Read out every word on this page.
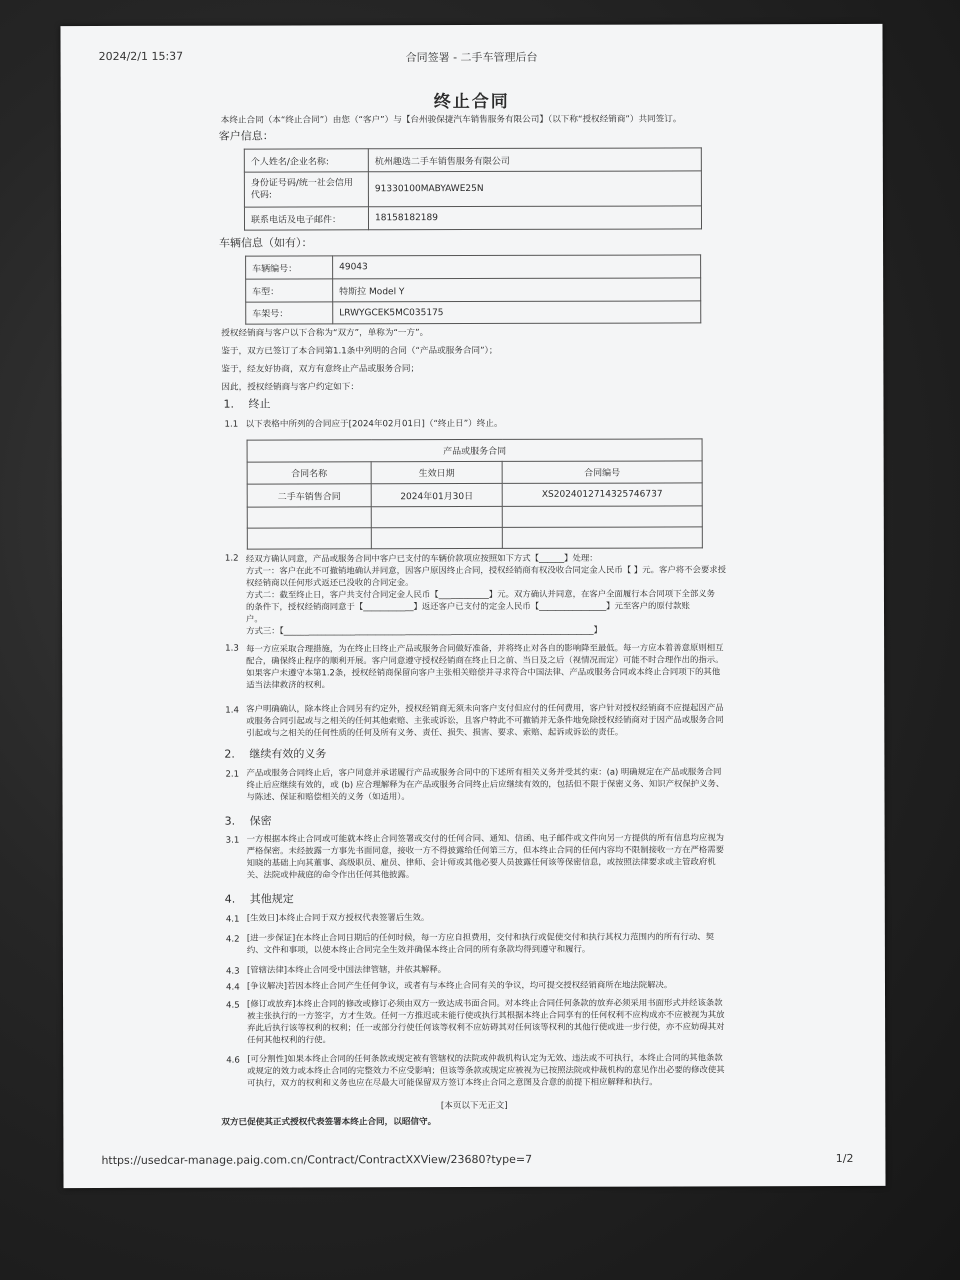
2024/2/1 15:37	合同签署 - 二手车管理后台
终止合同
本终止合同（本“终止合同”）由您（“客户”）与【台州骏保捷汽车销售服务有限公司】（以下称“授权经销商”）共同签订。
客户信息：
个人姓名/企业名称:	杭州趣选二手车销售服务有限公司
身份证号码/统一社会信用代码:	91330100MABYAWE25N
联系电话及电子邮件：	18158182189
车辆信息（如有）：
车辆编号：	49043
车型：	特斯拉 Model Y
车架号：	LRWYGCEK5MC035175
授权经销商与客户以下合称为“双方”，单称为“一方”。
鉴于，双方已签订了本合同第1.1条中列明的合同（“产品或服务合同”）；
鉴于，经友好协商，双方有意终止产品或服务合同；
因此，授权经销商与客户约定如下：
1. 终止
1.1 以下表格中所列的合同应于[2024年02月01日]（“终止日”）终止。
产品或服务合同		
合同名称	生效日期	合同编号
二手车销售合同	2024年01月30日	XS2024012714325746737

1.2 经双方确认同意，产品或服务合同中客户已支付的车辆价款项应按照如下方式【______】处理：
方式一：客户在此不可撤销地确认并同意，因客户原因终止合同，授权经销商有权没收合同定金人民币【 】元。客户将不会要求授
权经销商以任何形式返还已没收的合同定金。
方式二：截至终止日，客户共支付合同定金人民币【____________】元。双方确认并同意，在客户全面履行本合同项下全部义务
的条件下，授权经销商同意于【____________】返还客户已支付的定金人民币【________________】元至客户的原付款账
户。
方式三：【__________________________________________________________________________】
1.3 每一方应采取合理措施，为在终止日终止产品或服务合同做好准备，并将终止对各自的影响降至最低。每一方应本着善意原则相互
配合，确保终止程序的顺利开展。客户同意遵守授权经销商在终止日之前、当日及之后（视情况而定）可能不时合理作出的指示。
如果客户未遵守本第1.2条，授权经销商保留向客户主张相关赔偿并寻求符合中国法律、产品或服务合同或本终止合同项下的其他
适当法律救济的权利。
1.4 客户明确确认，除本终止合同另有约定外，授权经销商无须未向客户支付但应付的任何费用，客户针对授权经销商不应提起因产品
或服务合同引起或与之相关的任何其他索赔、主张或诉讼，且客户特此不可撤销并无条件地免除授权经销商对于因产品或服务合同
引起或与之相关的任何性质的任何及所有义务、责任、损失、损害、要求、索赔、起诉或诉讼的责任。
2. 继续有效的义务
2.1 产品或服务合同终止后，客户同意并承诺履行产品或服务合同中的下述所有相关义务并受其约束：(a) 明确规定在产品或服务合同
终止后应继续有效的，或 (b) 应合理解释为在产品或服务合同终止后应继续有效的，包括但不限于保密义务、知识产权保护义务、
与陈述、保证和赔偿相关的义务（如适用）。
3. 保密
3.1 一方根据本终止合同或可能就本终止合同签署或交付的任何合同、通知、信函、电子邮件或文件向另一方提供的所有信息均应视为
严格保密。未经披露一方事先书面同意，接收一方不得披露给任何第三方，但本终止合同的任何内容均不限制接收一方在严格需要
知晓的基础上向其董事、高级职员、雇员、律师、会计师或其他必要人员披露任何该等保密信息，或按照法律要求或主管政府机
关、法院或仲裁庭的命令作出任何其他披露。
4. 其他规定
4.1 [生效日]本终止合同于双方授权代表签署后生效。
4.2 [进一步保证]在本终止合同日期后的任何时候，每一方应自担费用，交付和执行或促使交付和执行其权力范围内的所有行动、契
约、文件和事项，以使本终止合同完全生效并确保本终止合同的所有条款均得到遵守和履行。
4.3 [管辖法律]本终止合同受中国法律管辖，并依其解释。
4.4 [争议解决]若因本终止合同产生任何争议，或者有与本终止合同有关的争议，均可提交授权经销商所在地法院解决。
4.5 [修订或放弃]本终止合同的修改或修订必须由双方一致达成书面合同。对本终止合同任何条款的放弃必须采用书面形式并经该条款
被主张执行的一方签字，方才生效。任何一方推迟或未能行使或执行其根据本终止合同享有的任何权利不应构成亦不应被视为其放
弃此后执行该等权利的权利；任一或部分行使任何该等权利不应妨碍其对任何该等权利的其他行使或进一步行使，亦不应妨碍其对
任何其他权利的行使。
4.6 [可分割性]如果本终止合同的任何条款或规定被有管辖权的法院或仲裁机构认定为无效、违法或不可执行，本终止合同的其他条款
或规定的效力或本终止合同的完整效力不应受影响；但该等条款或规定应被视为已按照法院或仲裁机构的意见作出必要的修改使其
可执行，双方的权利和义务也应在尽最大可能保留双方签订本终止合同之意图及合意的前提下相应解释和执行。
[本页以下无正文]
双方已促使其正式授权代表签署本终止合同，以昭信守。
https://usedcar-manage.paig.com.cn/Contract/ContractXXView/23680?type=7	1/2
